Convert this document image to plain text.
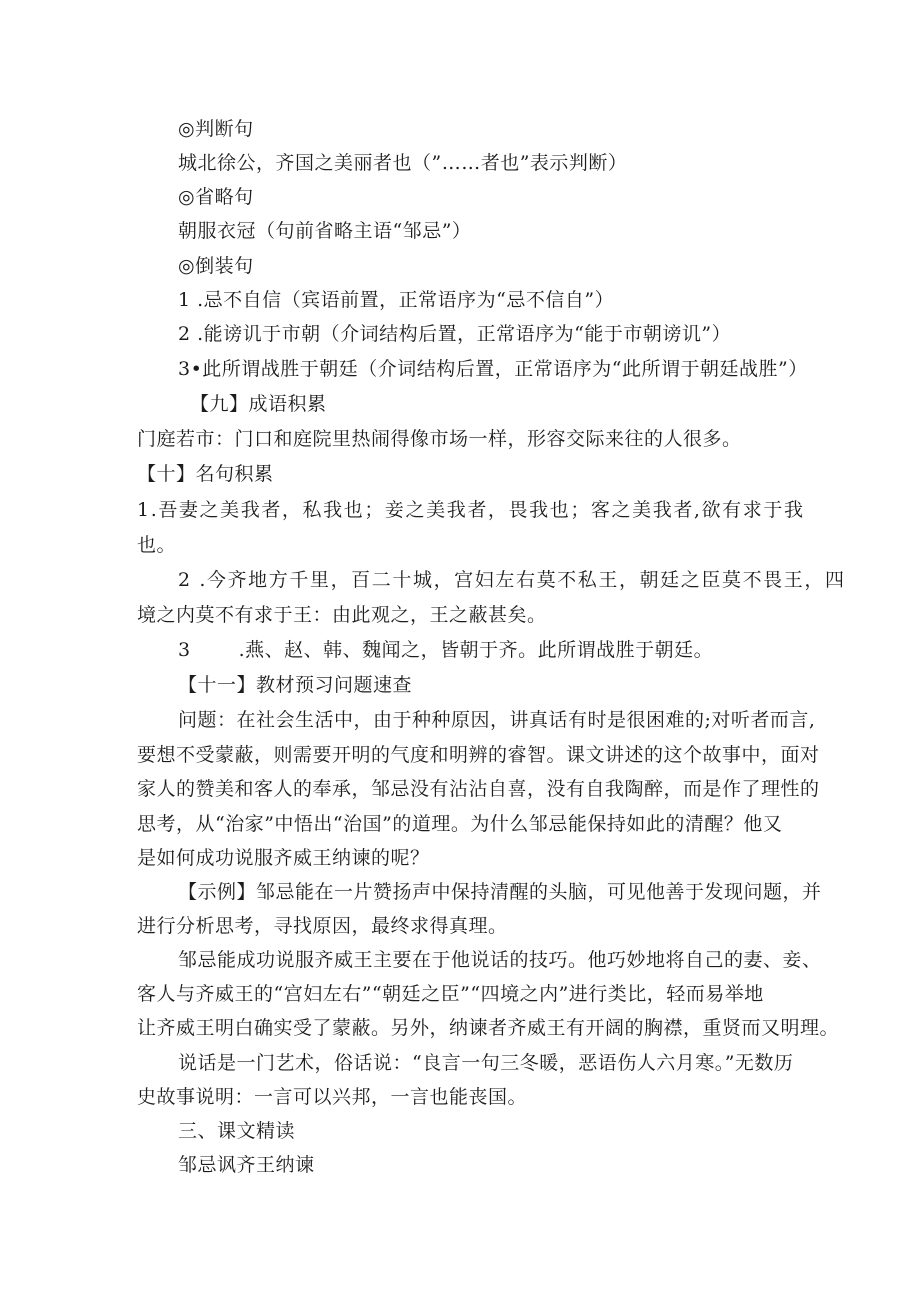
◎判断句
城北徐公，齐国之美丽者也（”……者也”表示判断）
◎省略句
朝服衣冠（句前省略主语“邹忌”）
◎倒装句
1 .忌不自信（宾语前置，正常语序为“忌不信自”）
2 .能谤讥于市朝（介词结构后置，正常语序为“能于市朝谤讥”）
3•此所谓战胜于朝廷（介词结构后置，正常语序为“此所谓于朝廷战胜”）
【九】成语积累
门庭若市：门口和庭院里热闹得像市场一样，形容交际来往的人很多。
【十】名句积累
1.吾妻之美我者，私我也；妾之美我者，畏我也；客之美我者,欲有求于我
也。
2 .今齐地方千里，百二十城，宫妇左右莫不私王，朝廷之臣莫不畏王，四
境之内莫不有求于王：由此观之，王之蔽甚矣。
3	.燕、赵、韩、魏闻之，皆朝于齐。此所谓战胜于朝廷。
【十一】教材预习问题速查
问题：在社会生活中，由于种种原因，讲真话有时是很困难的;对听者而言,
要想不受蒙蔽，则需要开明的气度和明辨的睿智。课文讲述的这个故事中，面对
家人的赞美和客人的奉承，邹忌没有沾沾自喜，没有自我陶醉，而是作了理性的
思考，从“治家”中悟出“治国”的道理。为什么邹忌能保持如此的清醒？他又
是如何成功说服齐威王纳谏的呢？
【示例】邹忌能在一片赞扬声中保持清醒的头脑，可见他善于发现问题，并
进行分析思考，寻找原因，最终求得真理。
邹忌能成功说服齐威王主要在于他说话的技巧。他巧妙地将自己的妻、妾、
客人与齐威王的“宫妇左右”“朝廷之臣”“四境之内”进行类比，轻而易举地
让齐威王明白确实受了蒙蔽。另外，纳谏者齐威王有开阔的胸襟，重贤而又明理。
说话是一门艺术，俗话说：“良言一句三冬暖，恶语伤人六月寒。”无数历
史故事说明：一言可以兴邦，一言也能丧国。
三、课文精读
邹忌讽齐王纳谏
